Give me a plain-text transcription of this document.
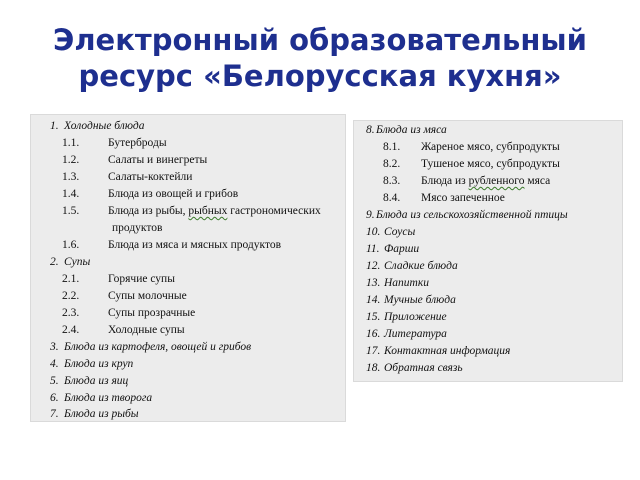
Электронный образовательный
ресурс «Белорусская кухня»
1. Холодные блюда
1.1.	Бутерброды
1.2.	Салаты и винегреты
1.3.	Салаты-коктейли
1.4.	Блюда из овощей и грибов
1.5.	Блюда из рыбы, рыбных гастрономических
продуктов
1.6.	Блюда из мяса и мясных продуктов
2. Супы
2.1.	Горячие супы
2.2.	Супы молочные
2.3.	Супы прозрачные
2.4.	Холодные супы
3. Блюда из картофеля, овощей и грибов
4. Блюда из круп
5. Блюда из яиц
6. Блюда из творога
7. Блюда из рыбы
8. Блюда из мяса
8.1. Жареное мясо, субпродукты
8.2. Тушеное мясо, субпродукты
8.3. Блюда из рубленного мяса
8.4. Мясо запеченное
9. Блюда из сельскохозяйственной птицы
10. Соусы
11. Фарши
12. Сладкие блюда
13. Напитки
14. Мучные блюда
15. Приложение
16. Литература
17. Контактная информация
18. Обратная связь
